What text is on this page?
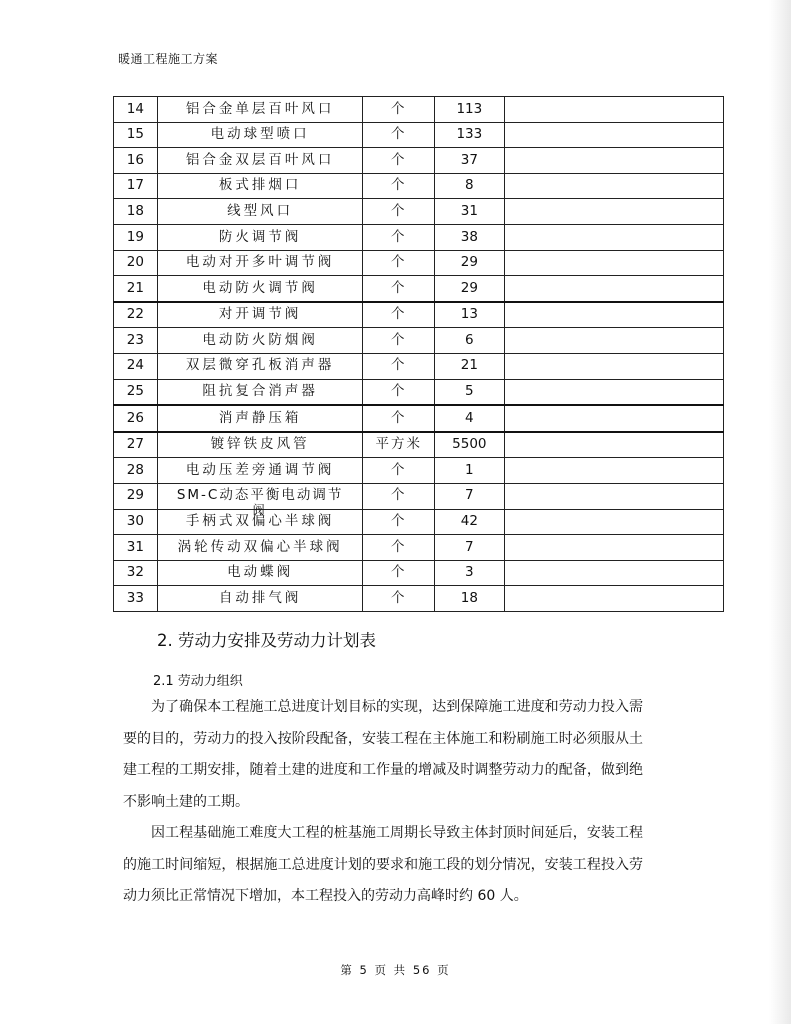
暖通工程施工方案
14	铝合金单层百叶风口	个	113	
15	电动球型喷口	个	133	
16	铝合金双层百叶风口	个	37	
17	板式排烟口	个	8	
18	线型风口	个	31	
19	防火调节阀	个	38	
20	电动对开多叶调节阀	个	29	
21	电动防火调节阀	个	29	
22	对开调节阀	个	13	
23	电动防火防烟阀	个	6	
24	双层微穿孔板消声器	个	21	
25	阻抗复合消声器	个	5	
26	消声静压箱	个	4	
27	镀锌铁皮风管	平方米	5500	
28	电动压差旁通调节阀	个	1	
29	SM-C动态平衡电动调节
阀	个	7	
30	手柄式双偏心半球阀	个	42	
31	涡轮传动双偏心半球阀	个	7	
32	电动蝶阀	个	3	
33	自动排气阀	个	18	
2. 劳动力安排及劳动力计划表
2.1 劳动力组织
为了确保本工程施工总进度计划目标的实现，达到保障施工进度和劳动力投入需要的目的，劳动力的投入按阶段配备，安装工程在主体施工和粉刷施工时必须服从土建工程的工期安排，随着土建的进度和工作量的增减及时调整劳动力的配备，做到绝不影响土建的工期。
因工程基础施工难度大工程的桩基施工周期长导致主体封顶时间延后，安装工程的施工时间缩短，根据施工总进度计划的要求和施工段的划分情况，安装工程投入劳动力须比正常情况下增加，本工程投入的劳动力高峰时约 60 人。
第 5 页 共 56 页
